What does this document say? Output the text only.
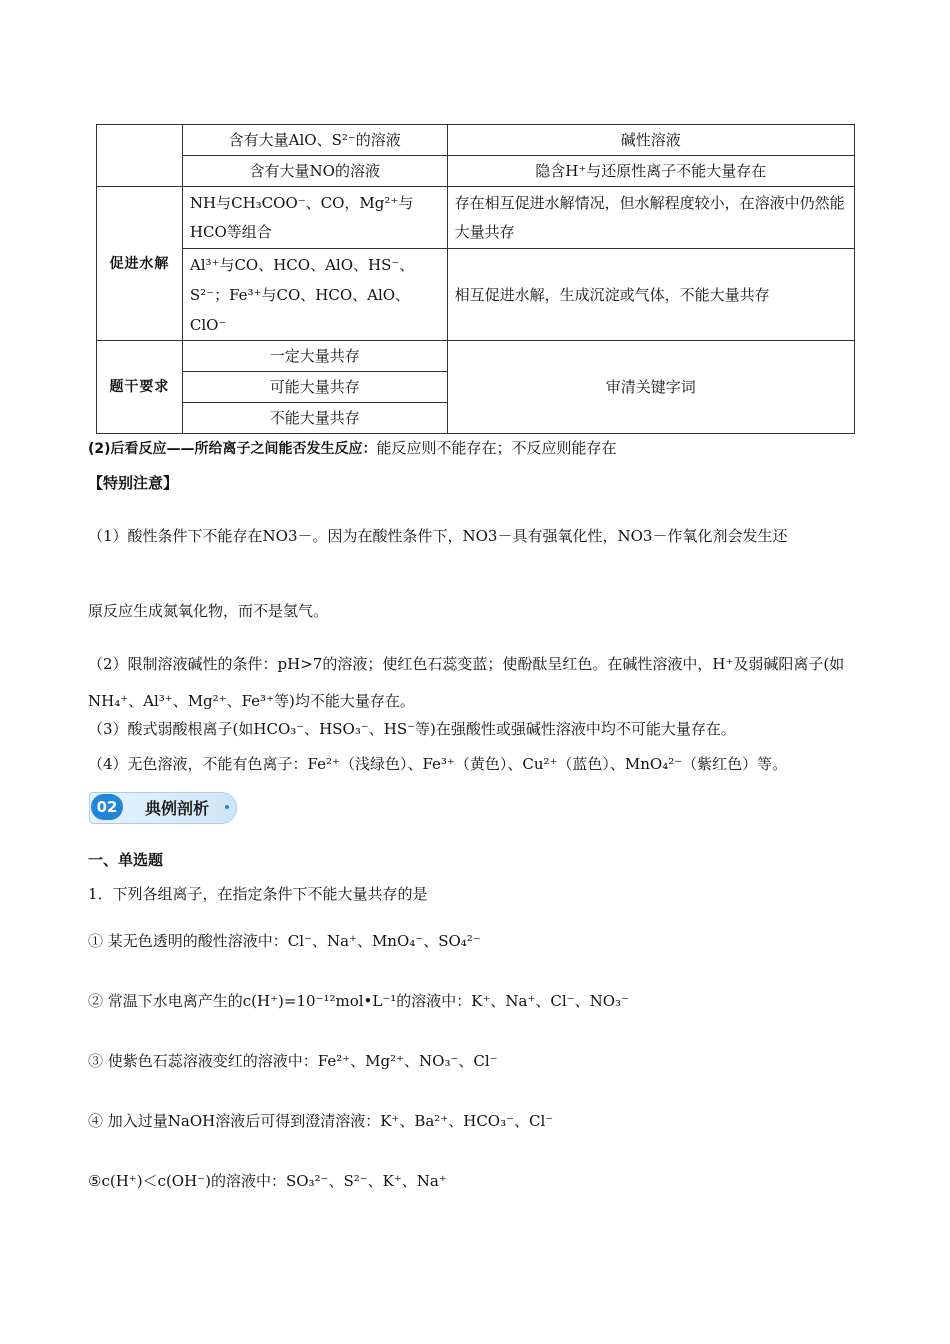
	含有大量AlO、S²⁻的溶液	碱性溶液
	含有大量NO的溶液	隐含H⁺与还原性离子不能大量存在
促进水解	NH与CH₃COO⁻、CO，Mg²⁺与HCO等组合	存在相互促进水解情况，但水解程度较小，在溶液中仍然能大量共存
	Al³⁺与CO、HCO、AlO、HS⁻、S²⁻；Fe³⁺与CO、HCO、AlO、ClO⁻	相互促进水解，生成沉淀或气体，不能大量共存
题干要求	一定大量共存	审清关键字词
	可能大量共存	
	不能大量共存	
(2)后看反应——所给离子之间能否发生反应：能反应则不能存在；不反应则能存在
【特别注意】
（1）酸性条件下不能存在NO3－。因为在酸性条件下，NO3－具有强氧化性，NO3－作氧化剂会发生还
原反应生成氮氧化物，而不是氢气。
（2）限制溶液碱性的条件：pH>7的溶液；使红色石蕊变蓝；使酚酞呈红色。在碱性溶液中，H⁺及弱碱阳离子(如NH₄⁺、Al³⁺、Mg²⁺、Fe³⁺等)均不能大量存在。
（3）酸式弱酸根离子(如HCO₃⁻、HSO₃⁻、HS⁻等)在强酸性或强碱性溶液中均不可能大量存在。
（4）无色溶液，不能有色离子：Fe²⁺（浅绿色）、Fe³⁺（黄色）、Cu²⁺（蓝色）、MnO₄²⁻（紫红色）等。
02	典例剖析
一、单选题
1．下列各组离子，在指定条件下不能大量共存的是
① 某无色透明的酸性溶液中：Cl⁻、Na⁺、MnO₄⁻、SO₄²⁻
② 常温下水电离产生的c(H⁺)=10⁻¹²mol•L⁻¹的溶液中：K⁺、Na⁺、Cl⁻、NO₃⁻
③ 使紫色石蕊溶液变红的溶液中：Fe²⁺、Mg²⁺、NO₃⁻、Cl⁻
④ 加入过量NaOH溶液后可得到澄清溶液：K⁺、Ba²⁺、HCO₃⁻、Cl⁻
⑤c(H⁺)＜c(OH⁻)的溶液中：SO₃²⁻、S²⁻、K⁺、Na⁺
